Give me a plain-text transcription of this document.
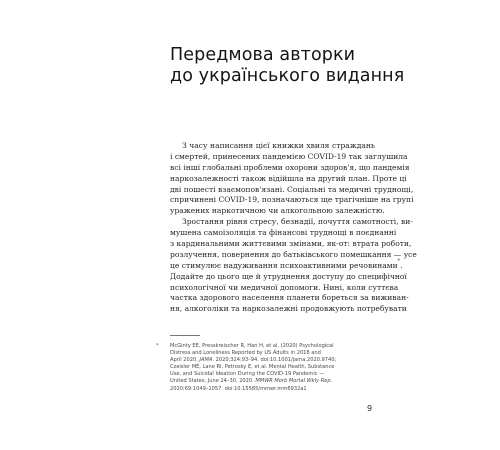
Передмова авторки
до українського видання
З часу написання цієї книжки хвиля страждань
і смертей, принесених пандемією COVID-19 так заглушила
всі інші глобальні проблеми охорони здоров'я, що пандемія
наркозалежності також відійшла на другий план. Проте ці
дві пошесті взаємопов'язані. Соціальні та медичні труднощі,
спричинені COVID-19, позначаються ще трагічніше на групі
уражених наркотичною чи алкогольною залежністю.
Зростання рівня стресу, безнадії, почуття самотності, ви-
мушена самоізоляція та фінансові труднощі в поєднанні
з кардинальними життєвими змінами, як-от: втрата роботи,
розлучення, повернення до батьківського помешкання — усе
це стимулює надуживання психоактивними речовинами*.
Додайте до цього ще й утруднення доступу до специфічної
психологічної чи медичної допомоги. Нині, коли суттєва
частка здорового населення планети бореться за виживан-
ня, алкоголіки та наркозалежні продовжують потребувати
* McGinty EE, Presskreischer R, Han H, et al. (2020) Psychological
Distress and Loneliness Reported by US Adults in 2018 and
April 2020. JAMA. 2020;324:93–94. doi:10.1001/jama.2020.9740;
Czeisler MÉ, Lane RI, Petrosky E, et al. Mental Health, Substance
Use, and Suicidal Ideation During the COVID-19 Pandemic —
United States, June 24–30, 2020. MMWR Morb Mortal Wkly Rep.
2020;69:1049–1057. doi:10.15585/mmwr.mm6932a1
9
